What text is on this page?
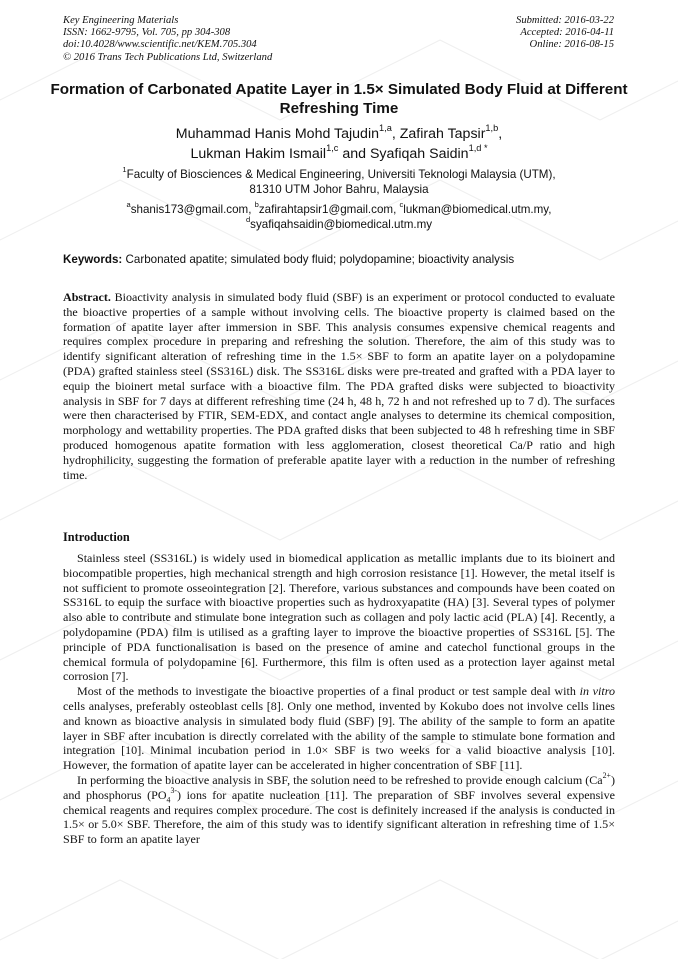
Key Engineering Materials
ISSN: 1662-9795, Vol. 705, pp 304-308
doi:10.4028/www.scientific.net/KEM.705.304
© 2016 Trans Tech Publications Ltd, Switzerland
Submitted: 2016-03-22
Accepted: 2016-04-11
Online: 2016-08-15
Formation of Carbonated Apatite Layer in 1.5× Simulated Body Fluid at Different Refreshing Time
Muhammad Hanis Mohd Tajudin$^{1,a}$, Zafirah Tapsir$^{1,b}$,
Lukman Hakim Ismail$^{1,c}$ and Syafiqah Saidin$^{1,d *}$
$^1$Faculty of Biosciences & Medical Engineering, Universiti Teknologi Malaysia (UTM),
81310 UTM Johor Bahru, Malaysia
$^a$shanis173@gmail.com, $^b$zafirahtapsir1@gmail.com, $^c$lukman@biomedical.utm.my,
$^d$syafiqahsaidin@biomedical.utm.my
Keywords: Carbonated apatite; simulated body fluid; polydopamine; bioactivity analysis
Abstract. Bioactivity analysis in simulated body fluid (SBF) is an experiment or protocol conducted to evaluate the bioactive properties of a sample without involving cells. The bioactive property is claimed based on the formation of apatite layer after immersion in SBF. This analysis consumes expensive chemical reagents and requires complex procedure in preparing and refreshing the solution. Therefore, the aim of this study was to identify significant alteration of refreshing time in the 1.5× SBF to form an apatite layer on a polydopamine (PDA) grafted stainless steel (SS316L) disk. The SS316L disks were pre-treated and grafted with a PDA layer to equip the bioinert metal surface with a bioactive film. The PDA grafted disks were subjected to bioactivity analysis in SBF for 7 days at different refreshing time (24 h, 48 h, 72 h and not refreshed up to 7 d). The surfaces were then characterised by FTIR, SEM-EDX, and contact angle analyses to determine its chemical composition, morphology and wettability properties. The PDA grafted disks that been subjected to 48 h refreshing time in SBF produced homogenous apatite formation with less agglomeration, closest theoretical Ca/P ratio and high hydrophilicity, suggesting the formation of preferable apatite layer with a reduction in the number of refreshing time.
Introduction

Stainless steel (SS316L) is widely used in biomedical application as metallic implants due to its bioinert and biocompatible properties, high mechanical strength and high corrosion resistance [1]. However, the metal itself is not sufficient to promote osseointegration [2]. Therefore, various substances and compounds have been coated on SS316L to equip the surface with bioactive properties such as hydroxyapatite (HA) [3]. Several types of polymer also able to contribute and stimulate bone integration such as collagen and poly lactic acid (PLA) [4]. Recently, a polydopamine (PDA) film is utilised as a grafting layer to improve the bioactive properties of SS316L [5]. The principle of PDA functionalisation is based on the presence of amine and catechol functional groups in the chemical formula of polydopamine [6]. Furthermore, this film is often used as a protection layer against metal corrosion [7].

Most of the methods to investigate the bioactive properties of a final product or test sample deal with in vitro cells analyses, preferably osteoblast cells [8]. Only one method, invented by Kokubo does not involve cells lines and known as bioactive analysis in simulated body fluid (SBF) [9]. The ability of the sample to form an apatite layer in SBF after incubation is directly correlated with the ability of the sample to stimulate bone formation and integration [10]. Minimal incubation period in 1.0× SBF is two weeks for a valid bioactive analysis [10]. However, the formation of apatite layer can be accelerated in higher concentration of SBF [11].

In performing the bioactive analysis in SBF, the solution need to be refreshed to provide enough calcium $(Ca^{2+})$ and phosphorus $(PO_4^{3-})$ ions for apatite nucleation [11]. The preparation of SBF involves several expensive chemical reagents and requires complex procedure. The cost is definitely increased if the analysis is conducted in 1.5× or 5.0× SBF. Therefore, the aim of this study was to identify significant alteration in refreshing time of 1.5× SBF to form an apatite layer
